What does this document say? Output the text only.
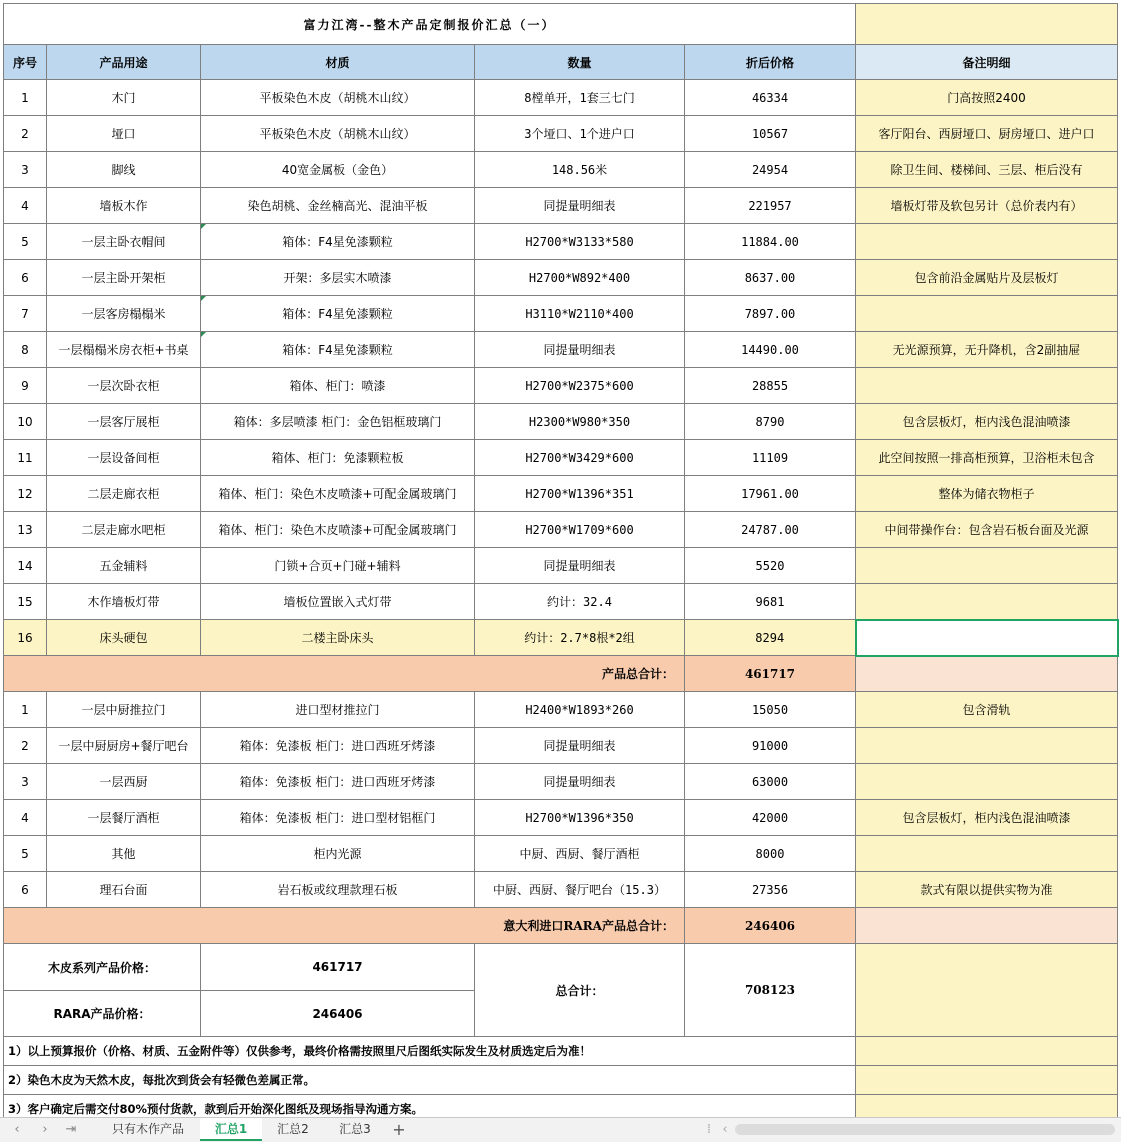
富力江湾--整木产品定制报价汇总（一）					
序号	产品用途	材质	数量	折后价格	备注明细
1	木门	平板染色木皮（胡桃木山纹）	8樘单开，1套三七门	46334	门高按照2400
2	垭口	平板染色木皮（胡桃木山纹）	3个垭口、1个进户口	10567	客厅阳台、西厨垭口、厨房垭口、进户口
3	脚线	40宽金属板（金色）	148.56米	24954	除卫生间、楼梯间、三层、柜后没有
4	墙板木作	染色胡桃、金丝楠高光、混油平板	同提量明细表	221957	墙板灯带及软包另计（总价表内有）
5	一层主卧衣帽间	箱体：F4星免漆颗粒	H2700*W3133*580	11884.00	
6	一层主卧开架柜	开架：多层实木喷漆	H2700*W892*400	8637.00	包含前沿金属贴片及层板灯
7	一层客房榻榻米	箱体：F4星免漆颗粒	H3110*W2110*400	7897.00	
8	一层榻榻米房衣柜+书桌	箱体：F4星免漆颗粒	同提量明细表	14490.00	无光源预算，无升降机，含2副抽屉
9	一层次卧衣柜	箱体、柜门：喷漆	H2700*W2375*600	28855	
10	一层客厅展柜	箱体：多层喷漆 柜门：金色铝框玻璃门	H2300*W980*350	8790	包含层板灯，柜内浅色混油喷漆
11	一层设备间柜	箱体、柜门：免漆颗粒板	H2700*W3429*600	11109	此空间按照一排高柜预算，卫浴柜未包含
12	二层走廊衣柜	箱体、柜门：染色木皮喷漆+可配金属玻璃门	H2700*W1396*351	17961.00	整体为储衣物柜子
13	二层走廊水吧柜	箱体、柜门：染色木皮喷漆+可配金属玻璃门	H2700*W1709*600	24787.00	中间带操作台：包含岩石板台面及光源
14	五金辅料	门锁+合页+门碰+辅料	同提量明细表	5520	
15	木作墙板灯带	墙板位置嵌入式灯带	约计：32.4	9681	
16	床头硬包	二楼主卧床头	约计：2.7*8根*2组	8294	
产品总合计：				461717	
1	一层中厨推拉门	进口型材推拉门	H2400*W1893*260	15050	包含滑轨
2	一层中厨厨房+餐厅吧台	箱体：免漆板 柜门：进口西班牙烤漆	同提量明细表	91000	
3	一层西厨	箱体：免漆板 柜门：进口西班牙烤漆	同提量明细表	63000	
4	一层餐厅酒柜	箱体：免漆板 柜门：进口型材铝框门	H2700*W1396*350	42000	包含层板灯，柜内浅色混油喷漆
5	其他	柜内光源	中厨、西厨、餐厅酒柜	8000	
6	理石台面	岩石板或纹理款理石板	中厨、西厨、餐厅吧台（15.3）	27356	款式有限以提供实物为准
意大利进口RARA产品总合计：				246406	
木皮系列产品价格：		461717	总合计：	708123	
RARA产品价格：		246406			
1）以上预算报价（价格、材质、五金附件等）仅供参考，最终价格需按照里尺后图纸实际发生及材质选定后为准！					
2）染色木皮为天然木皮，每批次到货会有轻微色差属正常。					
3）客户确定后需交付80%预付货款，款到后开始深化图纸及现场指导沟通方案。					
‹	›	⇥	只有木作产品	汇总1	汇总2	汇总3	+	⁞ ‹
